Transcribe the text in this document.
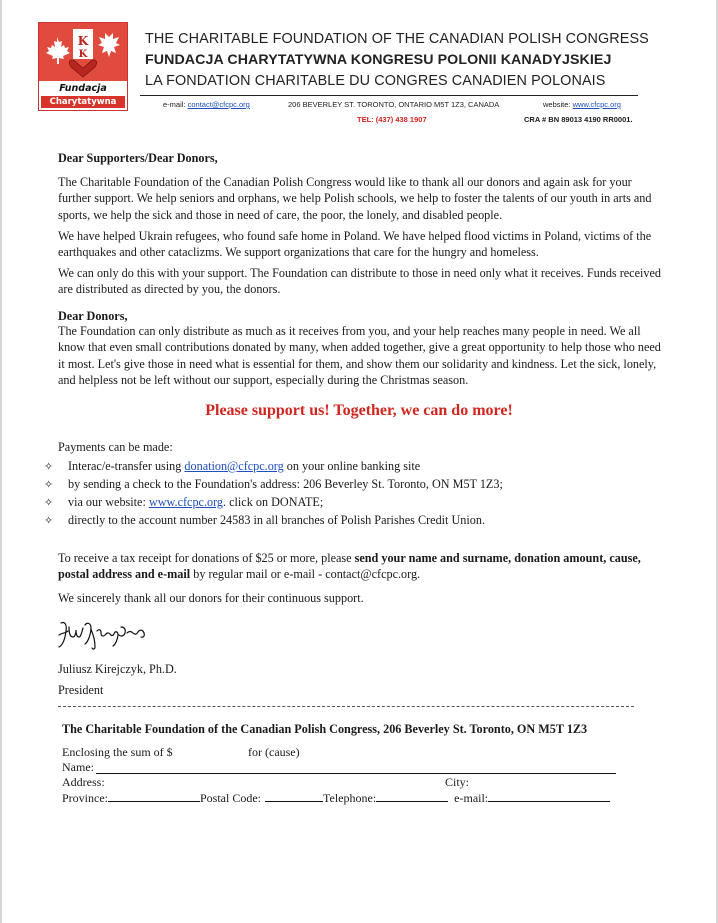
K
K
Fundacja
Charytatywna
THE CHARITABLE FOUNDATION OF THE CANADIAN POLISH CONGRESS
FUNDACJA CHARYTATYWNA KONGRESU POLONII KANADYJSKIEJ
LA FONDATION CHARITABLE DU CONGRES CANADIEN POLONAIS
e-mail: contact@cfcpc.org	206 BEVERLEY ST. TORONTO, ONTARIO M5T 1Z3, CANADA	website: www.cfcpc.org
TEL: (437) 438 1907	CRA # BN 89013 4190 RR0001.
Dear Supporters/Dear Donors,
The Charitable Foundation of the Canadian Polish Congress would like to thank all our donors and again ask for your further support. We help seniors and orphans, we help Polish schools, we help to foster the talents of our youth in arts and sports, we help the sick and those in need of care, the poor, the lonely, and disabled people.
We have helped Ukrain refugees, who found safe home in Poland. We have helped flood victims in Poland, victims of the earthquakes and other cataclizms. We support organizations that care for the hungry and homeless.
We can only do this with your support. The Foundation can distribute to those in need only what it receives. Funds received are distributed as directed by you, the donors.
Dear Donors,
The Foundation can only distribute as much as it receives from you, and your help reaches many people in need. We all know that even small contributions donated by many, when added together, give a great opportunity to help those who need it most. Let's give those in need what is essential for them, and show them our solidarity and kindness. Let the sick, lonely, and helpless not be left without our support, especially during the Christmas season.
Please support us! Together, we can do more!
Payments can be made:
✧ Interac/e-transfer using donation@cfcpc.org on your online banking site
✧ by sending a check to the Foundation's address: 206 Beverley St. Toronto, ON M5T 1Z3;
✧ via our website: www.cfcpc.org. click on DONATE;
✧ directly to the account number 24583 in all branches of Polish Parishes Credit Union.
To receive a tax receipt for donations of $25 or more, please send your name and surname, donation amount, cause, postal address and e-mail by regular mail or e-mail - contact@cfcpc.org.
We sincerely thank all our donors for their continuous support.
Juliusz Kirejczyk, Ph.D.
President
The Charitable Foundation of the Canadian Polish Congress, 206 Beverley St. Toronto, ON M5T 1Z3
Enclosing the sum of $	for (cause)
Name:
Address:	City:
Province:	Postal Code:	Telephone:	e-mail:
